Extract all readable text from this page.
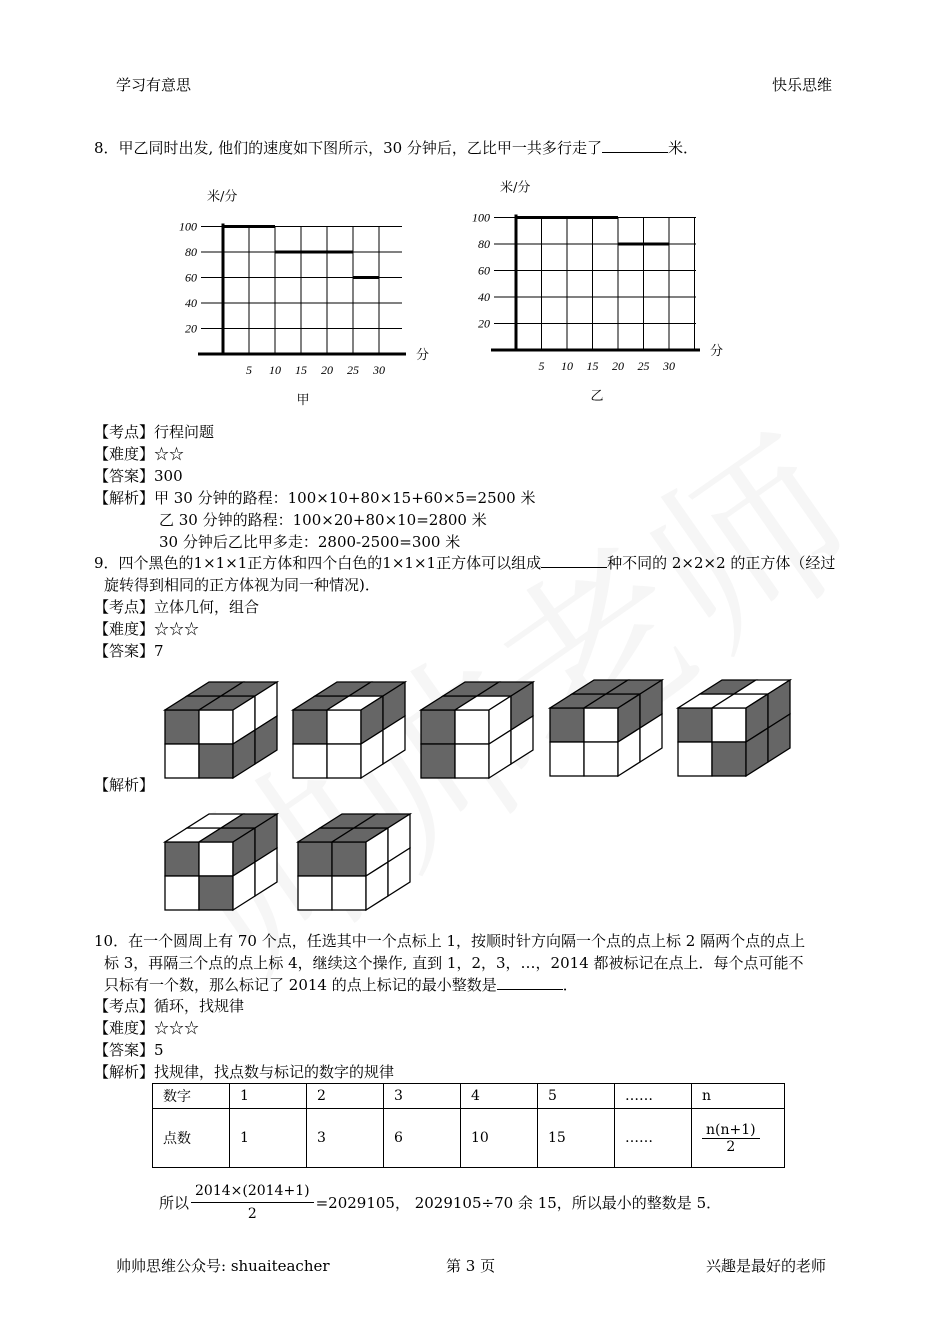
学习有意思	快乐思维
8．甲乙同时出发, 他们的速度如下图所示，30 分钟后，乙比甲一共多行走了	米．
20
40
60
80
100
5 10 15 20 25 30
米/分
分
甲
20
40
60
80
100
5 10 15 20 25 30
米/分
分
乙
【考点】行程问题
【难度】☆☆
【答案】300
【解析】甲 30 分钟的路程：100×10+80×15+60×5=2500 米
乙 30 分钟的路程：100×20+80×10=2800 米
30 分钟后乙比甲多走：2800-2500=300 米
9．四个黑色的1×1×1正方体和四个白色的1×1×1正方体可以组成	种不同的 2×2×2 的正方体（经过
旋转得到相同的正方体视为同一种情况)．
【考点】立体几何，组合
【难度】☆☆☆
【答案】7
【解析】
10．在一个圆周上有 70 个点，任选其中一个点标上 1，按顺时针方向隔一个点的点上标 2 隔两个点的点上
标 3，再隔三个点的点上标 4，继续这个操作, 直到 1，2，3，…，2014 都被标记在点上．每个点可能不
只标有一个数，那么标记了 2014 的点上标记的最小整数是	．
【考点】循环，找规律
【难度】☆☆☆
【答案】5
【解析】找规律，找点数与标记的数字的规律
数字	1	2	3	4	5	……	n
点数	1	3	6	10	15	……	$\frac{n(n+1)}{2}$
所以 $\frac{2014\times(2014+1)}{2} =2029105$， 2029105÷70 余 15，所以最小的整数是 5．
帅帅思维公众号: shuaiteacher	第 3 页	兴趣是最好的老师
